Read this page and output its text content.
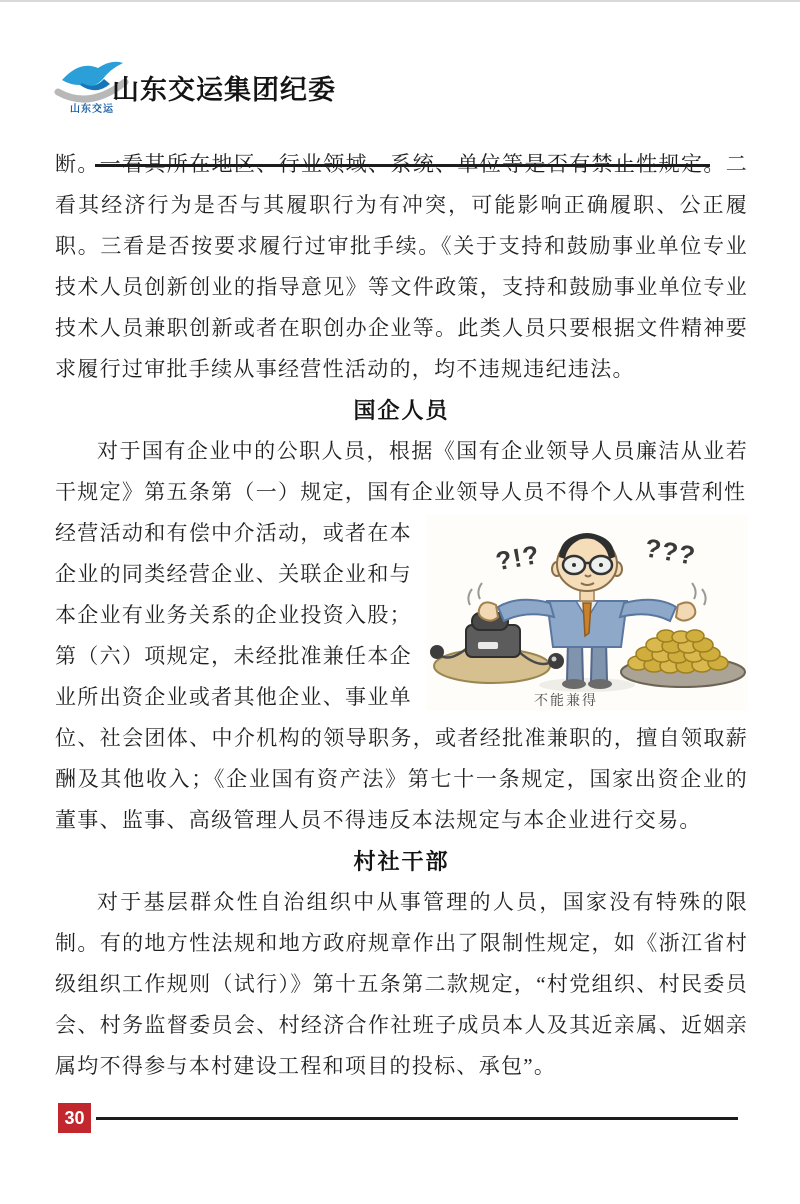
山东交运
山东交运集团纪委

断。一看其所在地区、行业领域、系统、单位等是否有禁止性规定。二看其经济行为是否与其履职行为有冲突，可能影响正确履职、公正履职。三看是否按要求履行过审批手续。《关于支持和鼓励事业单位专业技术人员创新创业的指导意见》等文件政策，支持和鼓励事业单位专业技术人员兼职创新或者在职创办企业等。此类人员只要根据文件精神要求履行过审批手续从事经营性活动的，均不违规违纪违法。

国企人员

对于国有企业中的公职人员，根据《国有企业领导人员廉洁从业若干规定》第五条第（一）规定，国有企业领导人员不得个人从事营利性

?!?	???
不能兼得

经营活动和有偿中介活动，或者在本企业的同类经营企业、关联企业和与本企业有业务关系的企业投资入股；第（六）项规定，未经批准兼任本企业所出资企业或者其他企业、事业单位、社会团体、中介机构的领导职务，或者经批准兼职的，擅自领取薪酬及其他收入；《企业国有资产法》第七十一条规定，国家出资企业的董事、监事、高级管理人员不得违反本法规定与本企业进行交易。

村社干部

对于基层群众性自治组织中从事管理的人员，国家没有特殊的限制。有的地方性法规和地方政府规章作出了限制性规定，如《浙江省村级组织工作规则（试行）》第十五条第二款规定，“村党组织、村民委员会、村务监督委员会、村经济合作社班子成员本人及其近亲属、近姻亲属均不得参与本村建设工程和项目的投标、承包”。

30
